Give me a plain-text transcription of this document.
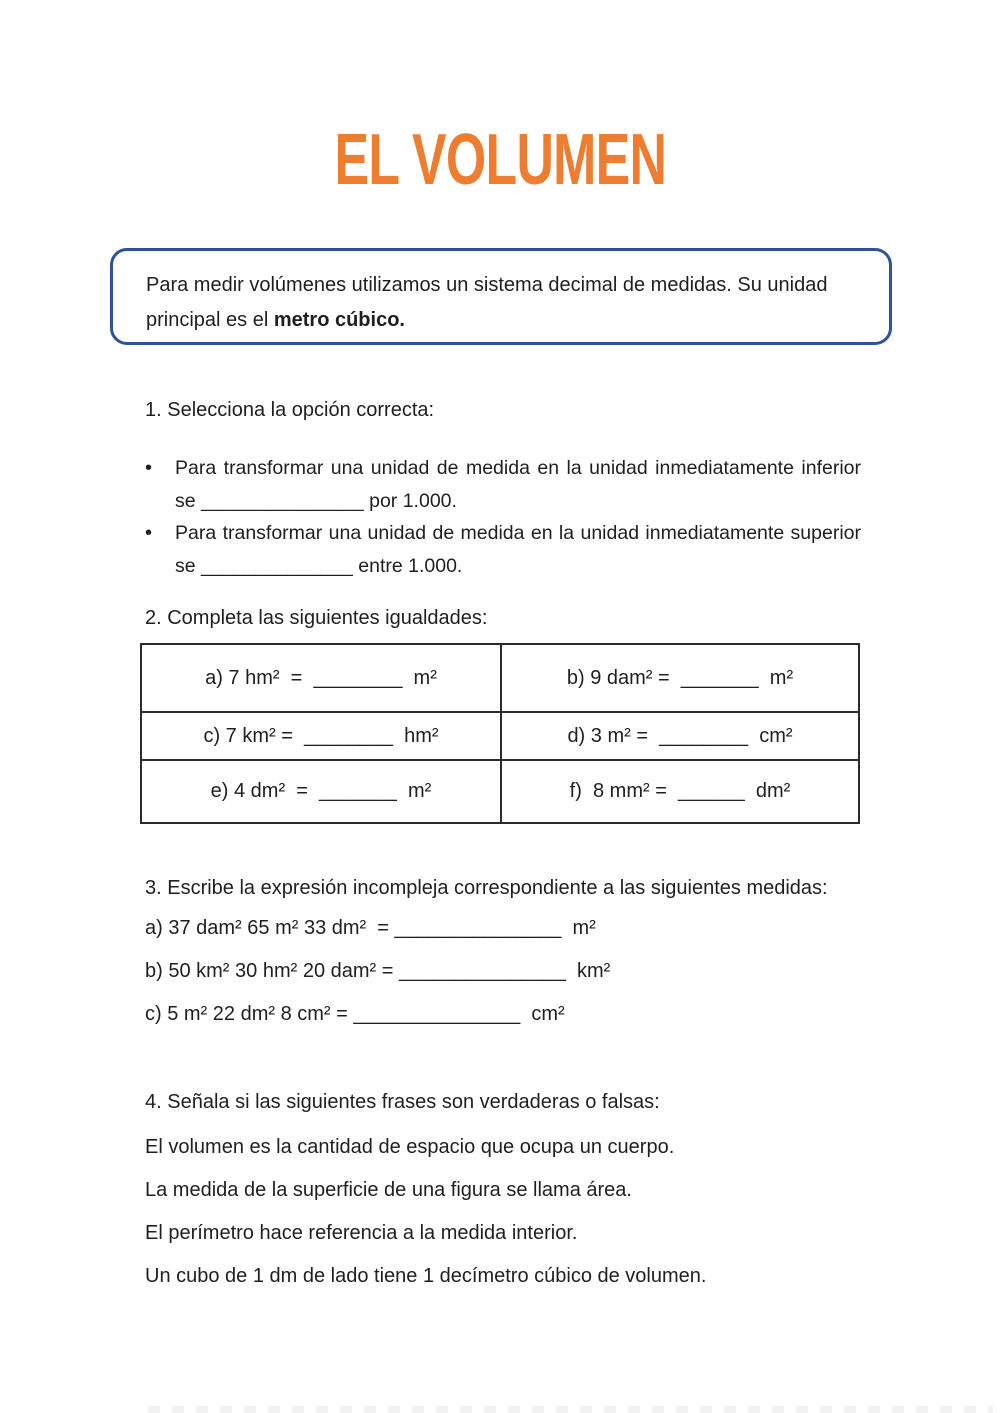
EL VOLUMEN

Para medir volúmenes utilizamos un sistema decimal de medidas. Su unidad
principal es el metro cúbico.

1. Selecciona la opción correcta:

•	Para transformar una unidad de medida en la unidad inmediatamente inferior se _______________ por 1.000.
•	Para transformar una unidad de medida en la unidad inmediatamente superior se ______________ entre 1.000.

2. Completa las siguientes igualdades:

a) 7 hm²  =  ________  m²	b) 9 dam² =  _______  m²
c) 7 km² =  ________  hm²	d) 3 m² =  ________  cm²
e) 4 dm²  =  _______  m²	f)  8 mm² =  ______  dm²

3. Escribe la expresión incompleja correspondiente a las siguientes medidas:

a) 37 dam² 65 m² 33 dm²  = _______________  m²

b) 50 km² 30 hm² 20 dam² = _______________  km²

c) 5 m² 22 dm² 8 cm² = _______________  cm²

4. Señala si las siguientes frases son verdaderas o falsas:

El volumen es la cantidad de espacio que ocupa un cuerpo.

La medida de la superficie de una figura se llama área.

El perímetro hace referencia a la medida interior.

Un cubo de 1 dm de lado tiene 1 decímetro cúbico de volumen.
